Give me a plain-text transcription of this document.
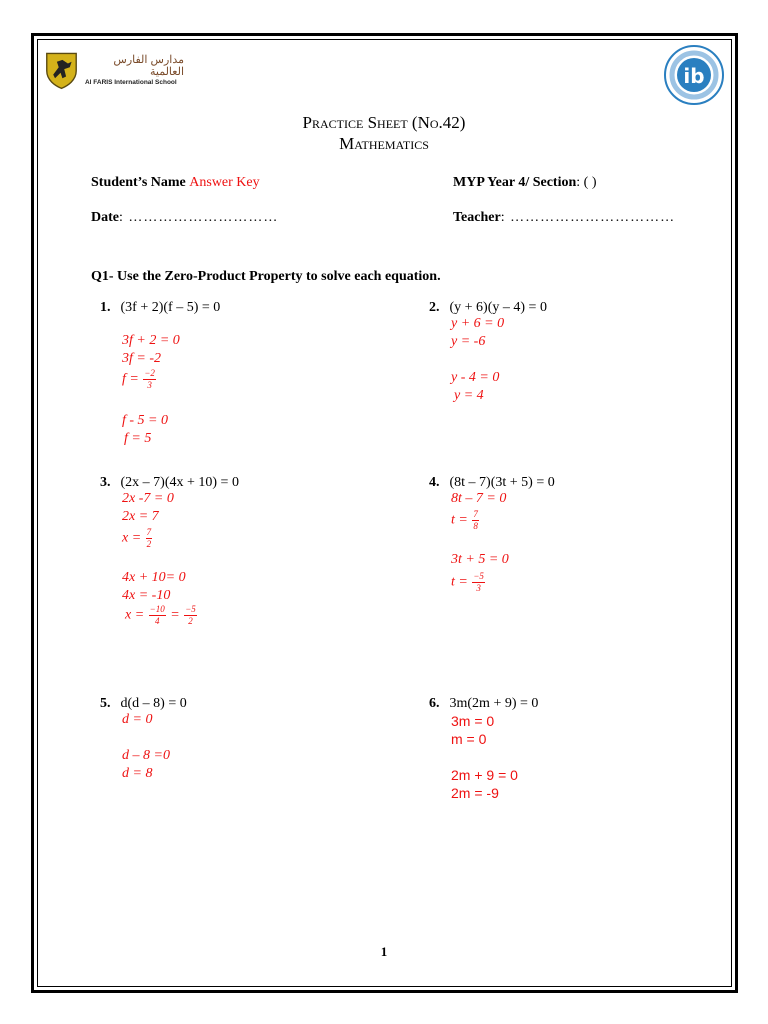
مدارس الفارس العالمية
Al FARIS International School	ib
Practice Sheet (No.42)
Mathematics
Student’s Name Answer Key	MYP Year 4/ Section: ( )
Date: …………………………	Teacher: ……………………………
Q1- Use the Zero-Product Property to solve each equation.
1. (3f + 2)(f – 5) = 0
3f + 2 = 0
3f = -2
$f = \frac{-2}{3}$
f - 5 = 0
f = 5
2. (y + 6)(y – 4) = 0
y + 6 = 0
y = -6
y - 4 = 0
y = 4
3. (2x – 7)(4x + 10) = 0
2x -7 = 0
2x = 7
$x = \frac{7}{2}$
4x + 10= 0
4x = -10
$x = \frac{-10}{4} = \frac{-5}{2}$
4. (8t – 7)(3t + 5) = 0
8t – 7 = 0
$t = \frac{7}{8}$
3t + 5 = 0
$t = \frac{-5}{3}$
5. d(d – 8) = 0
d = 0
d – 8 =0
d = 8
6. 3m(2m + 9) = 0
3m = 0
m = 0
2m + 9 = 0
2m = -9
1
